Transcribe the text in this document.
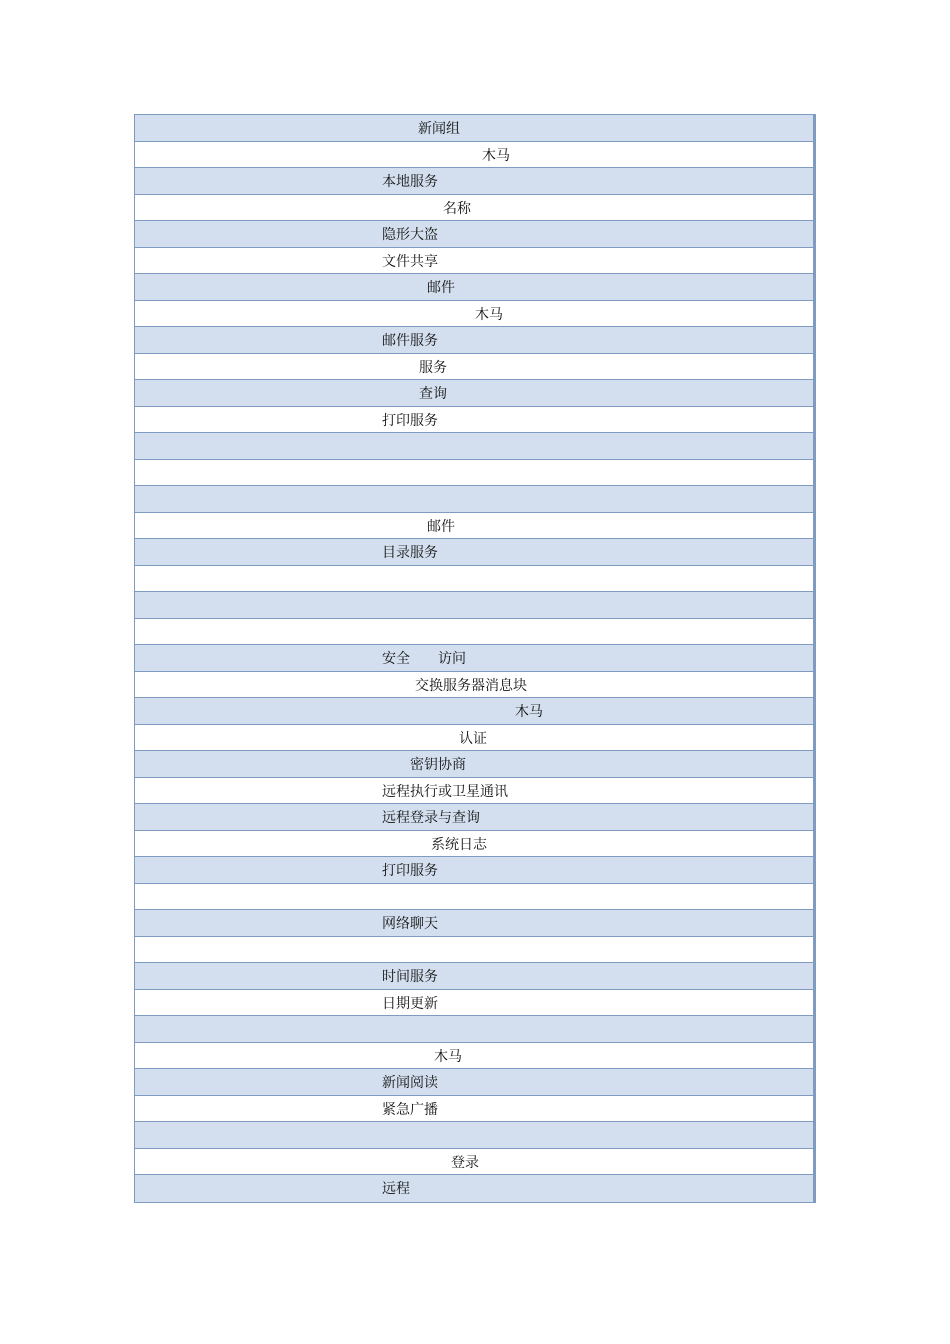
新闻组
木马
本地服务
名称
隐形大盗
文件共享
邮件
木马
邮件服务
服务
查询
打印服务
邮件
目录服务
安全　　访问
交换服务器消息块
木马
认证
密钥协商
远程执行或卫星通讯
远程登录与查询
系统日志
打印服务
网络聊天
时间服务
日期更新
木马
新闻阅读
紧急广播
登录
远程
